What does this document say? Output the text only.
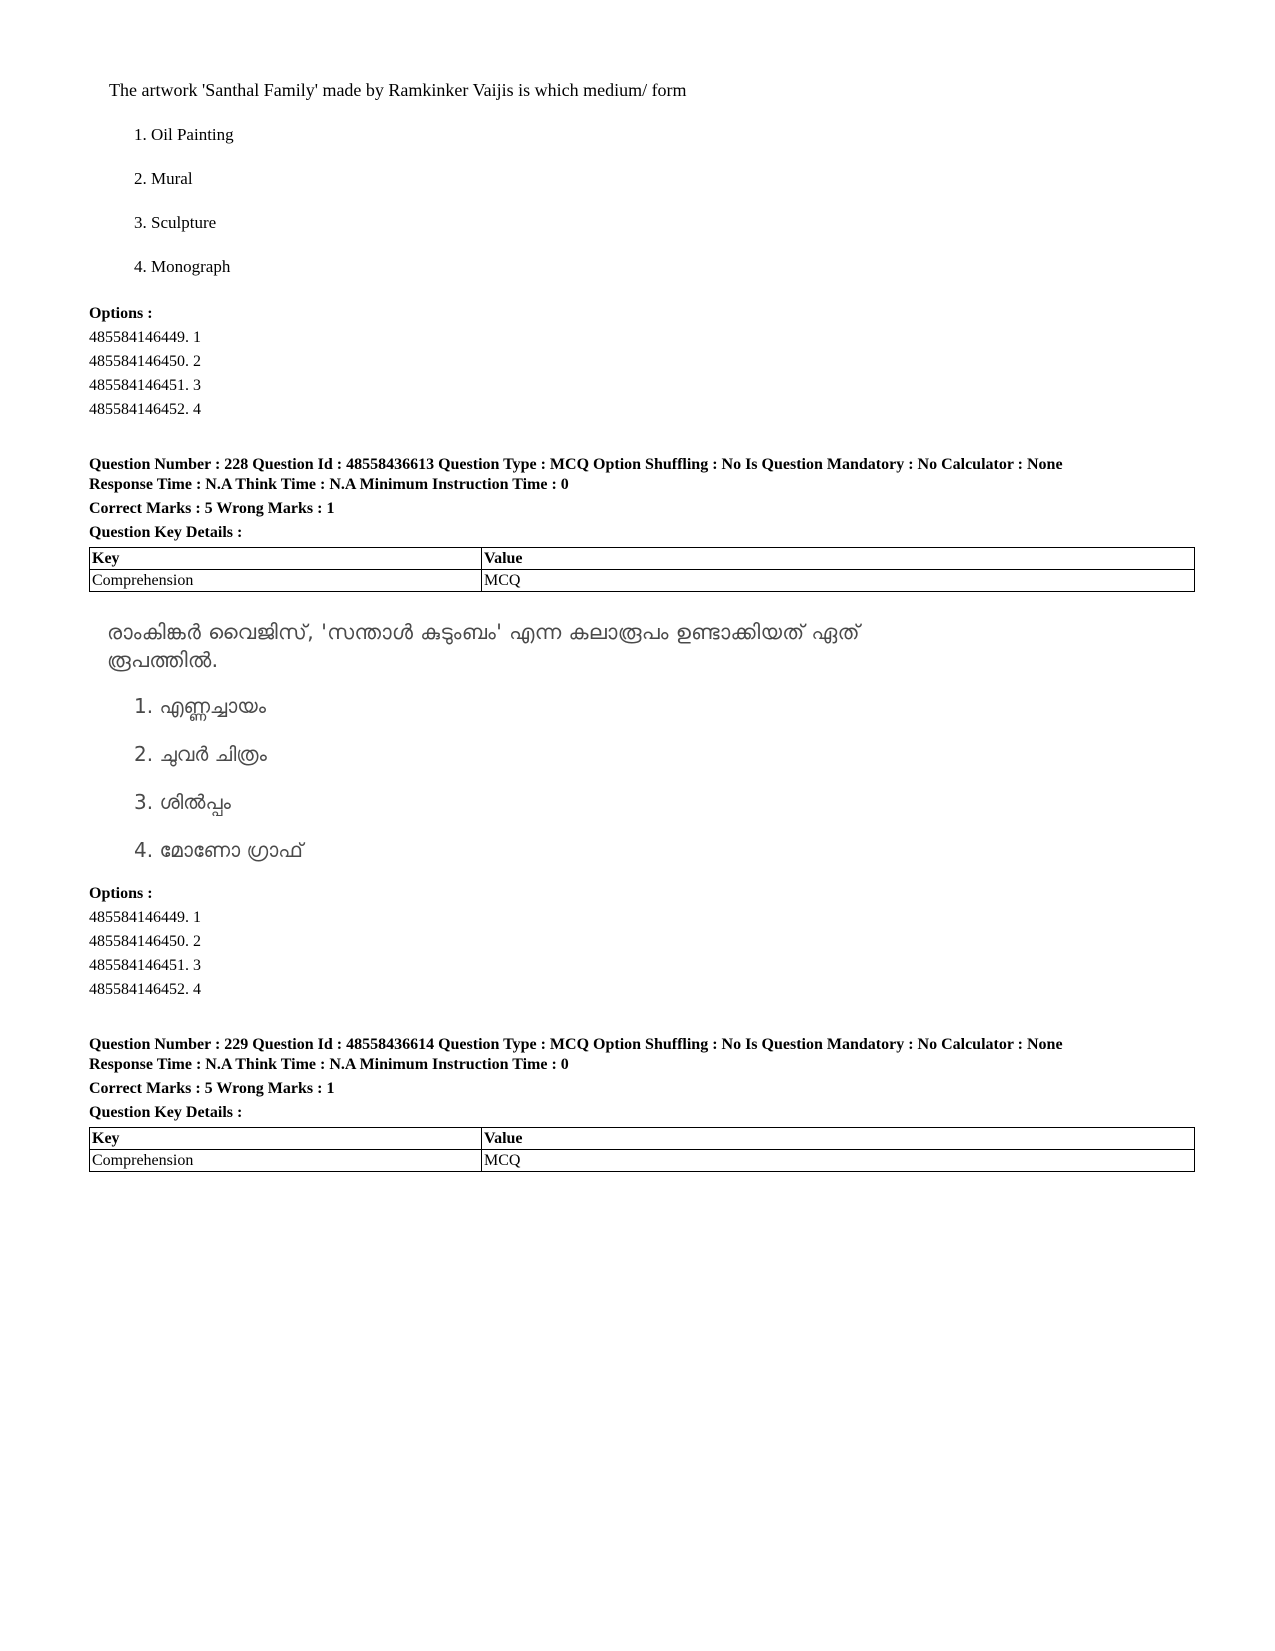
The artwork 'Santhal Family' made by Ramkinker Vaijis is which medium/ form
1. Oil Painting
2. Mural
3. Sculpture
4. Monograph
Options :
485584146449. 1
485584146450. 2
485584146451. 3
485584146452. 4
Question Number : 228 Question Id : 48558436613 Question Type : MCQ Option Shuffling : No Is Question Mandatory : No Calculator : None
Response Time : N.A Think Time : N.A Minimum Instruction Time : 0
Correct Marks : 5 Wrong Marks : 1
Question Key Details :
Key	Value
Comprehension	MCQ
രാംകിങ്കർ വൈജിസ്, 'സന്താൾ കുടുംബം' എന്ന കലാരൂപം ഉണ്ടാക്കിയത് ഏത്
രൂപത്തിൽ.
1. എണ്ണച്ചായം
2. ചുവർ ചിത്രം
3. ശിൽപ്പം
4. മോണോ ഗ്രാഫ്
Options :
485584146449. 1
485584146450. 2
485584146451. 3
485584146452. 4
Question Number : 229 Question Id : 48558436614 Question Type : MCQ Option Shuffling : No Is Question Mandatory : No Calculator : None
Response Time : N.A Think Time : N.A Minimum Instruction Time : 0
Correct Marks : 5 Wrong Marks : 1
Question Key Details :
Key	Value
Comprehension	MCQ
